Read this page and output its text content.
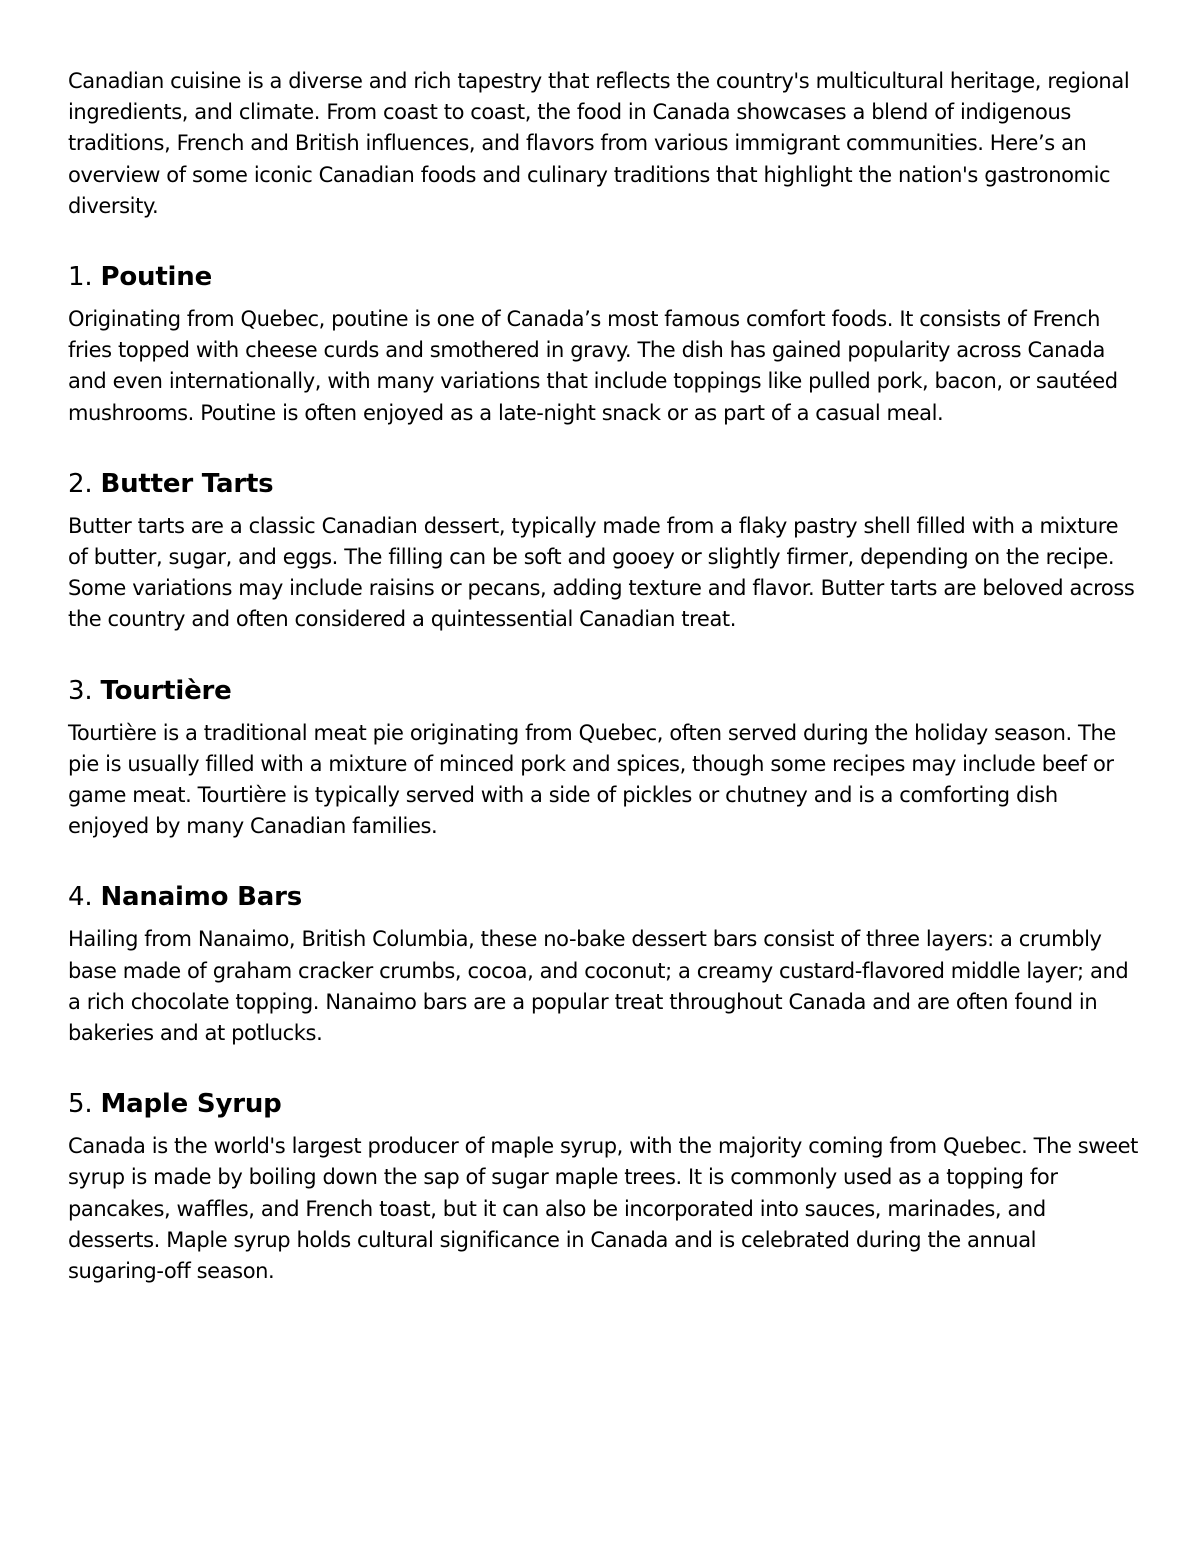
Canadian cuisine is a diverse and rich tapestry that reflects the country's multicultural heritage, regional ingredients, and climate. From coast to coast, the food in Canada showcases a blend of indigenous traditions, French and British influences, and flavors from various immigrant communities. Here’s an overview of some iconic Canadian foods and culinary traditions that highlight the nation's gastronomic diversity.

1. Poutine

Originating from Quebec, poutine is one of Canada’s most famous comfort foods. It consists of French fries topped with cheese curds and smothered in gravy. The dish has gained popularity across Canada and even internationally, with many variations that include toppings like pulled pork, bacon, or sautéed mushrooms. Poutine is often enjoyed as a late-night snack or as part of a casual meal.

2. Butter Tarts

Butter tarts are a classic Canadian dessert, typically made from a flaky pastry shell filled with a mixture of butter, sugar, and eggs. The filling can be soft and gooey or slightly firmer, depending on the recipe. Some variations may include raisins or pecans, adding texture and flavor. Butter tarts are beloved across the country and often considered a quintessential Canadian treat.

3. Tourtière

Tourtière is a traditional meat pie originating from Quebec, often served during the holiday season. The pie is usually filled with a mixture of minced pork and spices, though some recipes may include beef or game meat. Tourtière is typically served with a side of pickles or chutney and is a comforting dish enjoyed by many Canadian families.

4. Nanaimo Bars

Hailing from Nanaimo, British Columbia, these no-bake dessert bars consist of three layers: a crumbly base made of graham cracker crumbs, cocoa, and coconut; a creamy custard-flavored middle layer; and a rich chocolate topping. Nanaimo bars are a popular treat throughout Canada and are often found in bakeries and at potlucks.

5. Maple Syrup

Canada is the world's largest producer of maple syrup, with the majority coming from Quebec. The sweet syrup is made by boiling down the sap of sugar maple trees. It is commonly used as a topping for pancakes, waffles, and French toast, but it can also be incorporated into sauces, marinades, and desserts. Maple syrup holds cultural significance in Canada and is celebrated during the annual sugaring-off season.
